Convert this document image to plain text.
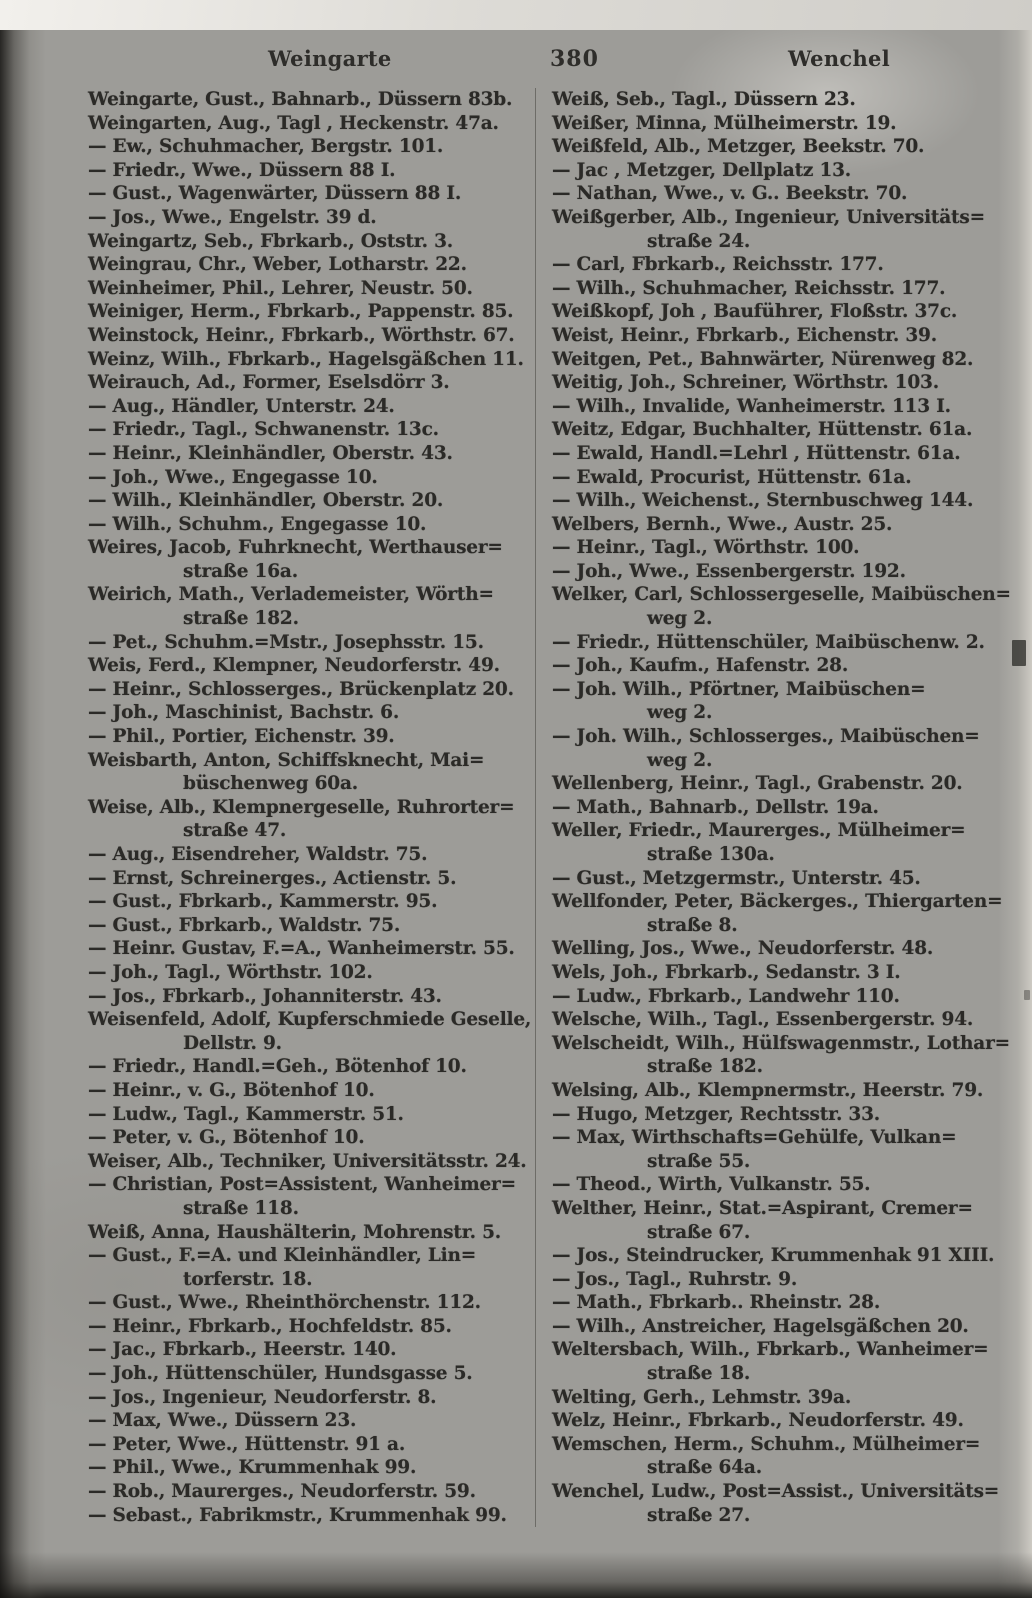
Weingarte	380	Wenchel
Weingarte, Gust., Bahnarb., Düssern 83b.
Weingarten, Aug., Tagl , Heckenstr. 47a.
— Ew., Schuhmacher, Bergstr. 101.
— Friedr., Wwe., Düssern 88 I.
— Gust., Wagenwärter, Düssern 88 I.
— Jos., Wwe., Engelstr. 39 d.
Weingartz, Seb., Fbrkarb., Oststr. 3.
Weingrau, Chr., Weber, Lotharstr. 22.
Weinheimer, Phil., Lehrer, Neustr. 50.
Weiniger, Herm., Fbrkarb., Pappenstr. 85.
Weinstock, Heinr., Fbrkarb., Wörthstr. 67.
Weinz, Wilh., Fbrkarb., Hagelsgäßchen 11.
Weirauch, Ad., Former, Eselsdörr 3.
— Aug., Händler, Unterstr. 24.
— Friedr., Tagl., Schwanenstr. 13c.
— Heinr., Kleinhändler, Oberstr. 43.
— Joh., Wwe., Engegasse 10.
— Wilh., Kleinhändler, Oberstr. 20.
— Wilh., Schuhm., Engegasse 10.
Weires, Jacob, Fuhrknecht, Werthauser=
straße 16a.
Weirich, Math., Verlademeister, Wörth=
straße 182.
— Pet., Schuhm.=Mstr., Josephsstr. 15.
Weis, Ferd., Klempner, Neudorferstr. 49.
— Heinr., Schlosserges., Brückenplatz 20.
— Joh., Maschinist, Bachstr. 6.
— Phil., Portier, Eichenstr. 39.
Weisbarth, Anton, Schiffsknecht, Mai=
büschenweg 60a.
Weise, Alb., Klempnergeselle, Ruhrorter=
straße 47.
— Aug., Eisendreher, Waldstr. 75.
— Ernst, Schreinerges., Actienstr. 5.
— Gust., Fbrkarb., Kammerstr. 95.
— Gust., Fbrkarb., Waldstr. 75.
— Heinr. Gustav, F.=A., Wanheimerstr. 55.
— Joh., Tagl., Wörthstr. 102.
— Jos., Fbrkarb., Johanniterstr. 43.
Weisenfeld, Adolf, Kupferschmiede Geselle,
Dellstr. 9.
— Friedr., Handl.=Geh., Bötenhof 10.
— Heinr., v. G., Bötenhof 10.
— Ludw., Tagl., Kammerstr. 51.
— Peter, v. G., Bötenhof 10.
Weiser, Alb., Techniker, Universitätsstr. 24.
— Christian, Post=Assistent, Wanheimer=
straße 118.
Weiß, Anna, Haushälterin, Mohrenstr. 5.
— Gust., F.=A. und Kleinhändler, Lin=
torferstr. 18.
— Gust., Wwe., Rheinthörchenstr. 112.
— Heinr., Fbrkarb., Hochfeldstr. 85.
— Jac., Fbrkarb., Heerstr. 140.
— Joh., Hüttenschüler, Hundsgasse 5.
— Jos., Ingenieur, Neudorferstr. 8.
— Max, Wwe., Düssern 23.
— Peter, Wwe., Hüttenstr. 91 a.
— Phil., Wwe., Krummenhak 99.
— Rob., Maurerges., Neudorferstr. 59.
— Sebast., Fabrikmstr., Krummenhak 99.
Weiß, Seb., Tagl., Düssern 23.
Weißer, Minna, Mülheimerstr. 19.
Weißfeld, Alb., Metzger, Beekstr. 70.
— Jac , Metzger, Dellplatz 13.
— Nathan, Wwe., v. G.. Beekstr. 70.
Weißgerber, Alb., Ingenieur, Universitäts=
straße 24.
— Carl, Fbrkarb., Reichsstr. 177.
— Wilh., Schuhmacher, Reichsstr. 177.
Weißkopf, Joh , Bauführer, Floßstr. 37c.
Weist, Heinr., Fbrkarb., Eichenstr. 39.
Weitgen, Pet., Bahnwärter, Nürenweg 82.
Weitig, Joh., Schreiner, Wörthstr. 103.
— Wilh., Invalide, Wanheimerstr. 113 I.
Weitz, Edgar, Buchhalter, Hüttenstr. 61a.
— Ewald, Handl.=Lehrl , Hüttenstr. 61a.
— Ewald, Procurist, Hüttenstr. 61a.
— Wilh., Weichenst., Sternbuschweg 144.
Welbers, Bernh., Wwe., Austr. 25.
— Heinr., Tagl., Wörthstr. 100.
— Joh., Wwe., Essenbergerstr. 192.
Welker, Carl, Schlossergeselle, Maibüschen=
weg 2.
— Friedr., Hüttenschüler, Maibüschenw. 2.
— Joh., Kaufm., Hafenstr. 28.
— Joh. Wilh., Pförtner, Maibüschen=
weg 2.
— Joh. Wilh., Schlosserges., Maibüschen=
weg 2.
Wellenberg, Heinr., Tagl., Grabenstr. 20.
— Math., Bahnarb., Dellstr. 19a.
Weller, Friedr., Maurerges., Mülheimer=
straße 130a.
— Gust., Metzgermstr., Unterstr. 45.
Wellfonder, Peter, Bäckerges., Thiergarten=
straße 8.
Welling, Jos., Wwe., Neudorferstr. 48.
Wels, Joh., Fbrkarb., Sedanstr. 3 I.
— Ludw., Fbrkarb., Landwehr 110.
Welsche, Wilh., Tagl., Essenbergerstr. 94.
Welscheidt, Wilh., Hülfswagenmstr., Lothar=
straße 182.
Welsing, Alb., Klempnermstr., Heerstr. 79.
— Hugo, Metzger, Rechtsstr. 33.
— Max, Wirthschafts=Gehülfe, Vulkan=
straße 55.
— Theod., Wirth, Vulkanstr. 55.
Welther, Heinr., Stat.=Aspirant, Cremer=
straße 67.
— Jos., Steindrucker, Krummenhak 91 XIII.
— Jos., Tagl., Ruhrstr. 9.
— Math., Fbrkarb.. Rheinstr. 28.
— Wilh., Anstreicher, Hagelsgäßchen 20.
Weltersbach, Wilh., Fbrkarb., Wanheimer=
straße 18.
Welting, Gerh., Lehmstr. 39a.
Welz, Heinr., Fbrkarb., Neudorferstr. 49.
Wemschen, Herm., Schuhm., Mülheimer=
straße 64a.
Wenchel, Ludw., Post=Assist., Universitäts=
straße 27.
